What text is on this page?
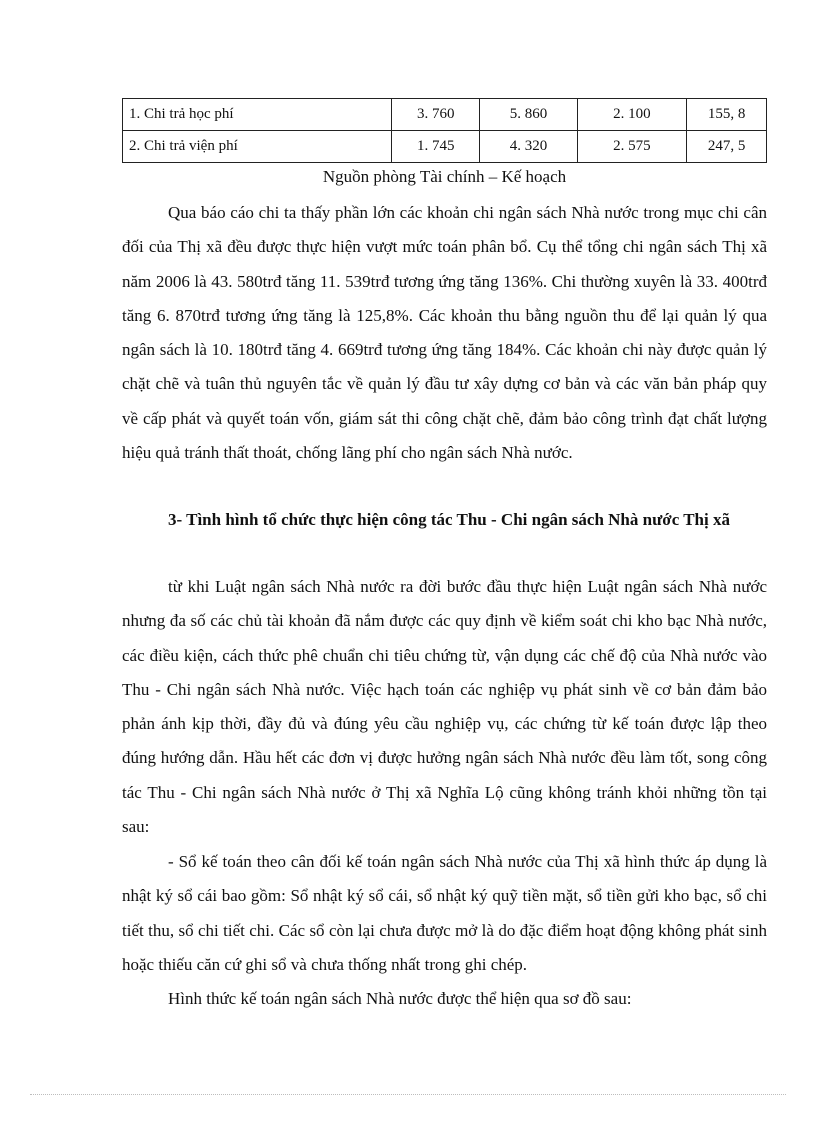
1. Chi trả học phí	3. 760	5. 860	2. 100	155, 8
2. Chi trả viện phí	1. 745	4. 320	2. 575	247, 5
Nguồn phòng Tài chính – Kế hoạch

Qua báo cáo chi ta thấy phần lớn các khoản chi ngân sách Nhà nước trong mục chi cân đối của Thị xã đều được thực hiện vượt mức toán phân bổ. Cụ thể tổng chi ngân sách Thị xã năm 2006 là 43. 580trđ tăng 11. 539trđ tương ứng tăng 136%. Chi thường xuyên là 33. 400trđ tăng 6. 870trđ tương ứng tăng là 125,8%. Các khoản thu bằng nguồn thu để lại quản lý qua ngân sách là 10. 180trđ tăng 4. 669trđ tương ứng tăng 184%. Các khoản chi này được quản lý chặt chẽ và tuân thủ nguyên tắc về quản lý đầu tư xây dựng cơ bản và các văn bản pháp quy về cấp phát và quyết toán vốn, giám sát thi công chặt chẽ, đảm bảo công trình đạt chất lượng hiệu quả tránh thất thoát, chống lãng phí cho ngân sách Nhà nước.

3- Tình hình tổ chức thực hiện công tác Thu - Chi ngân sách Nhà nước Thị xã

từ khi Luật ngân sách Nhà nước ra đời bước đầu thực hiện Luật ngân sách Nhà nước nhưng đa số các chủ tài khoản đã nắm được các quy định về kiểm soát chi kho bạc Nhà nước, các điều kiện, cách thức phê chuẩn chi tiêu chứng từ, vận dụng các chế độ của Nhà nước vào Thu - Chi ngân sách Nhà nước. Việc hạch toán các nghiệp vụ phát sinh về cơ bản đảm bảo phản ánh kịp thời, đầy đủ và đúng yêu cầu nghiệp vụ, các chứng từ kế toán được lập theo đúng hướng dẫn. Hầu hết các đơn vị được hưởng ngân sách Nhà nước đều làm tốt, song công tác Thu - Chi ngân sách Nhà nước ở Thị xã Nghĩa Lộ cũng không tránh khỏi những tồn tại sau:

- Sổ kế toán theo cân đối kế toán ngân sách Nhà nước của Thị xã hình thức áp dụng là nhật ký sổ cái bao gồm: Sổ nhật ký sổ cái, sổ nhật ký quỹ tiền mặt, sổ tiền gửi kho bạc, sổ chi tiết thu, sổ chi tiết chi. Các sổ còn lại chưa được mở là do đặc điểm hoạt động không phát sinh hoặc thiếu căn cứ ghi sổ và chưa thống nhất trong ghi chép.

Hình thức kế toán ngân sách Nhà nước được thể hiện qua sơ đồ sau:
